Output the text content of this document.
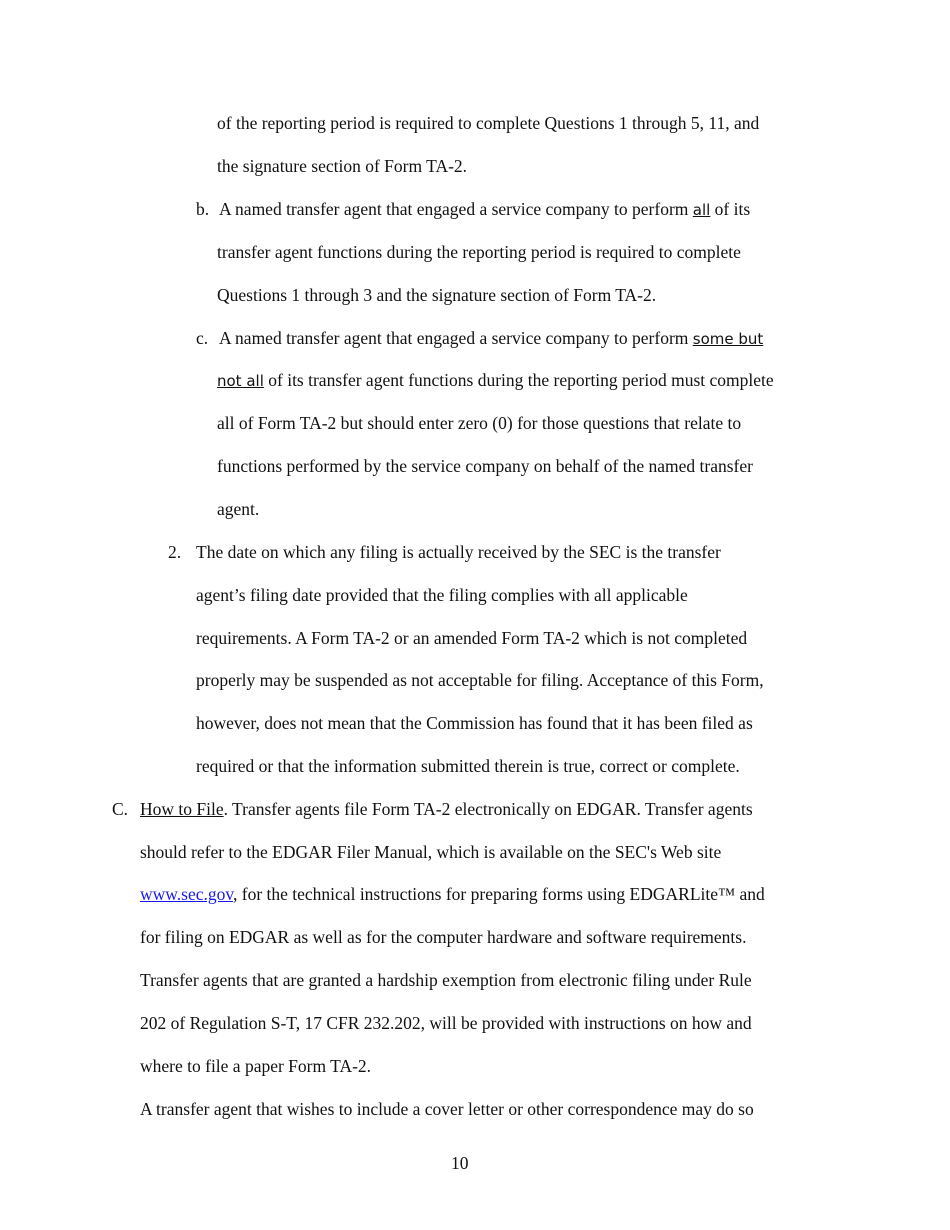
of the reporting period is required to complete Questions 1 through 5, 11, and
the signature section of Form TA-2.
b. A named transfer agent that engaged a service company to perform all of its
transfer agent functions during the reporting period is required to complete
Questions 1 through 3 and the signature section of Form TA-2.
c. A named transfer agent that engaged a service company to perform some but
not all of its transfer agent functions during the reporting period must complete
all of Form TA-2 but should enter zero (0) for those questions that relate to
functions performed by the service company on behalf of the named transfer
agent.
2. The date on which any filing is actually received by the SEC is the transfer
agent’s filing date provided that the filing complies with all applicable
requirements. A Form TA-2 or an amended Form TA-2 which is not completed
properly may be suspended as not acceptable for filing. Acceptance of this Form,
however, does not mean that the Commission has found that it has been filed as
required or that the information submitted therein is true, correct or complete.
C. How to File. Transfer agents file Form TA-2 electronically on EDGAR. Transfer agents
should refer to the EDGAR Filer Manual, which is available on the SEC's Web site
www.sec.gov, for the technical instructions for preparing forms using EDGARLite™ and
for filing on EDGAR as well as for the computer hardware and software requirements.
Transfer agents that are granted a hardship exemption from electronic filing under Rule
202 of Regulation S-T, 17 CFR 232.202, will be provided with instructions on how and
where to file a paper Form TA-2.
A transfer agent that wishes to include a cover letter or other correspondence may do so
10
